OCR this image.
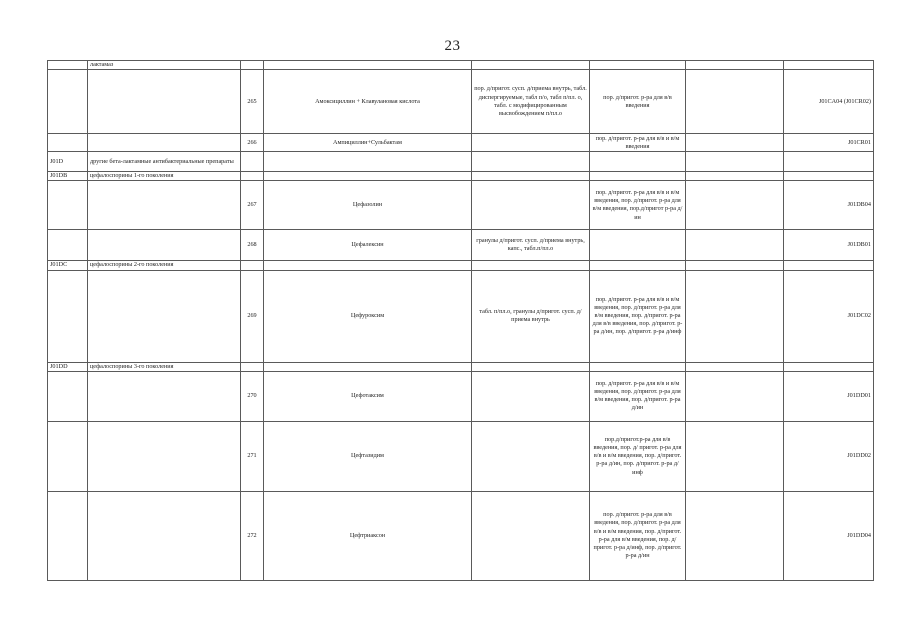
23
	лактамаз						
		265	Амоксициллин + Клавулановая кислота	пор. д/пригот. сусп. д/приема внутрь, табл. диспергируемые, табл п/о, табл п/пл. о, табл. с модифицированным высвобождением п/пл.о	пор. д/пригот. р-ра для в/в введения		J01CA04 (J01CR02)
		266	Ампициллин+Сульбактам		пор. д/пригот. р-ра для в/в и в/м введения		J01CR01
J01D	другие бета-лактамные антибактериальные препараты						
J01DB	цефалоспорины 1-го поколения						
		267	Цефазолин		пор. д/пригот. р-ра для в/в и в/м введения, пор. д/пригот. р-ра для в/м введения, пор.д/пригот р-ра д/ин		J01DB04
		268	Цефалексин	гранулы д/пригот. сусп. д/приема внутрь, капс., табл.п/пл.о			J01DB01
J01DC	цефалоспорины 2-го поколения						
		269	Цефуроксим	табл. п/пл.о, гранулы д/пригот. сусп. д/приема внутрь	пор. д/пригот. р-ра для в/в и в/м введения, пор. д/пригот. р-ра для в/м введения, пор. д/пригот. р-ра для в/в введения, пор. д/пригот. р-ра д/ин, пор. д/пригот. р-ра д/инф		J01DC02
J01DD	цефалоспорины 3-го поколения						
		270	Цефотаксим		пор. д/пригот. р-ра для в/в и в/м введения, пор. д/пригот. р-ра для в/м введения, пор. д/пригот. р-ра д/ин		J01DD01
		271	Цефтазидим		пор.д/пригот.р-ра для в/в введения, пор. д/ пригот. р-ра для в/в и в/м введения, пор. д/пригот. р-ра д/ин, пор. д/пригот. р-ра д/инф		J01DD02
		272	Цефтриаксон		пор. д/пригот. р-ра для в/в введения, пор. д/пригот. р-ра для в/в и в/м введения, пор. д/пригот. р-ра для в/м введения, пор. д/пригот. р-ра д/инф, пор. д/пригот. р-ра д/ин		J01DD04
